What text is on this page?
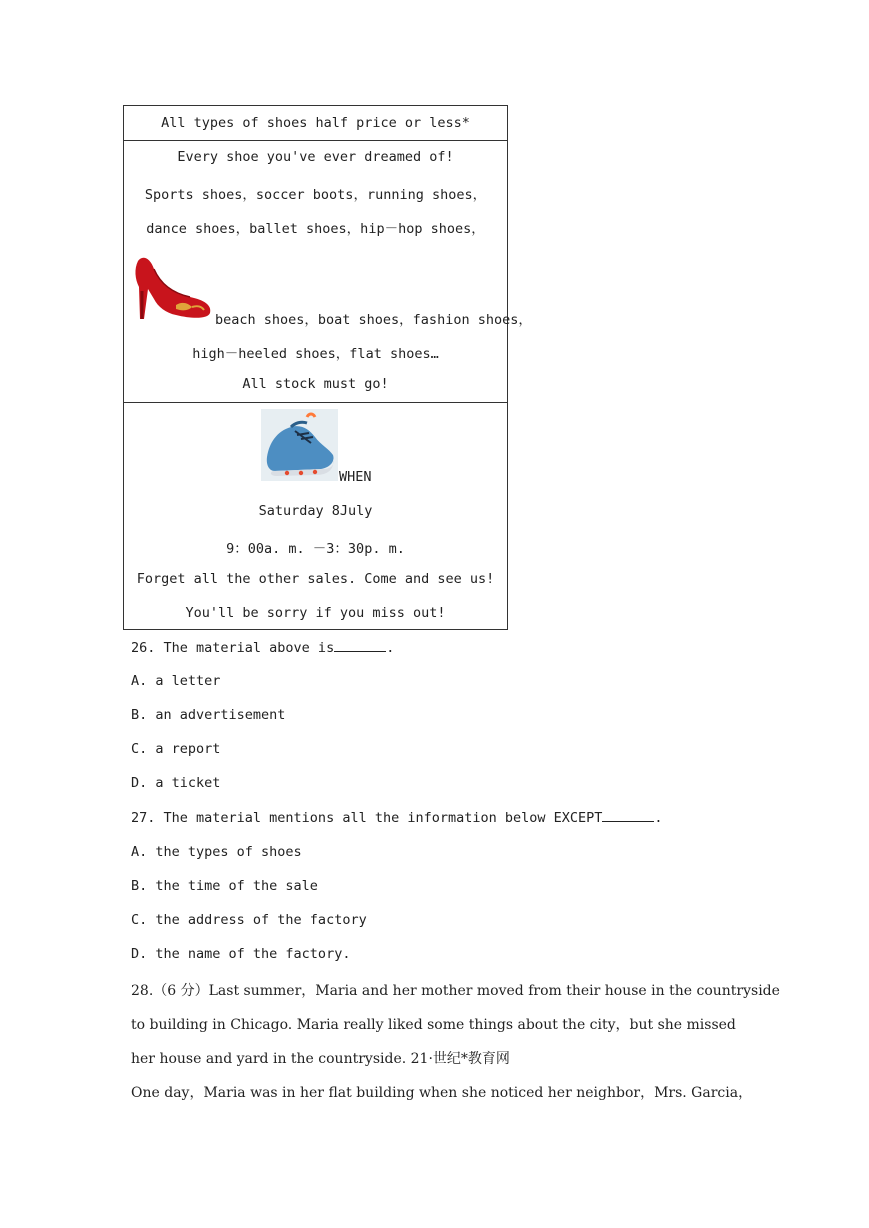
All types of shoes half price or less*
Every shoe you've ever dreamed of!
Sports shoes，soccer boots，running shoes，
dance shoes，ballet shoes，hip－hop shoes，
beach shoes，boat shoes，fashion shoes，
high－heeled shoes，flat shoes…
All stock must go!
WHEN
Saturday 8July
9：00a. m. －3：30p. m.
Forget all the other sales. Come and see us!
You'll be sorry if you miss out!
26. The material above is	.
A. a letter
B. an advertisement
C. a report
D. a ticket
27. The material mentions all the information below EXCEPT	.
A. the types of shoes
B. the time of the sale
C. the address of the factory
D. the name of the factory.
28.（6 分）Last summer，Maria and her mother moved from their house in the countryside
to building in Chicago. Maria really liked some things about the city，but she missed
her house and yard in the countryside. 21·世纪*教育网
One day，Maria was in her flat building when she noticed her neighbor，Mrs. Garcia，
